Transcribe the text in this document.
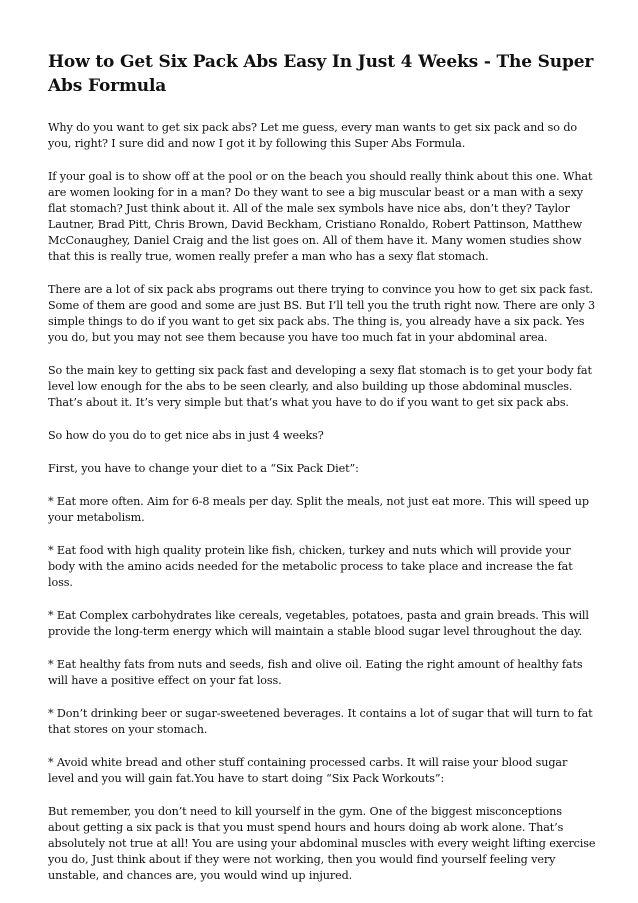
How to Get Six Pack Abs Easy In Just 4 Weeks - The Super Abs Formula

Why do you want to get six pack abs? Let me guess, every man wants to get six pack and so do you, right? I sure did and now I got it by following this Super Abs Formula.

If your goal is to show off at the pool or on the beach you should really think about this one. What are women looking for in a man? Do they want to see a big muscular beast or a man with a sexy flat stomach? Just think about it. All of the male sex symbols have nice abs, don’t they? Taylor Lautner, Brad Pitt, Chris Brown, David Beckham, Cristiano Ronaldo, Robert Pattinson, Matthew McConaughey, Daniel Craig and the list goes on. All of them have it. Many women studies show that this is really true, women really prefer a man who has a sexy flat stomach.

There are a lot of six pack abs programs out there trying to convince you how to get six pack fast. Some of them are good and some are just BS. But I’ll tell you the truth right now. There are only 3 simple things to do if you want to get six pack abs. The thing is, you already have a six pack. Yes you do, but you may not see them because you have too much fat in your abdominal area.

So the main key to getting six pack fast and developing a sexy flat stomach is to get your body fat level low enough for the abs to be seen clearly, and also building up those abdominal muscles. That’s about it. It’s very simple but that’s what you have to do if you want to get six pack abs.

So how do you do to get nice abs in just 4 weeks?

First, you have to change your diet to a “Six Pack Diet”:

* Eat more often. Aim for 6-8 meals per day. Split the meals, not just eat more. This will speed up your metabolism.

* Eat food with high quality protein like fish, chicken, turkey and nuts which will provide your body with the amino acids needed for the metabolic process to take place and increase the fat loss.

* Eat Complex carbohydrates like cereals, vegetables, potatoes, pasta and grain breads. This will provide the long-term energy which will maintain a stable blood sugar level throughout the day.

* Eat healthy fats from nuts and seeds, fish and olive oil. Eating the right amount of healthy fats will have a positive effect on your fat loss.

* Don’t drinking beer or sugar-sweetened beverages. It contains a lot of sugar that will turn to fat that stores on your stomach.

* Avoid white bread and other stuff containing processed carbs. It will raise your blood sugar level and you will gain fat.You have to start doing “Six Pack Workouts”:

But remember, you don’t need to kill yourself in the gym. One of the biggest misconceptions about getting a six pack is that you must spend hours and hours doing ab work alone. That’s absolutely not true at all! You are using your abdominal muscles with every weight lifting exercise you do, Just think about if they were not working, then you would find yourself feeling very unstable, and chances are, you would wind up injured.
